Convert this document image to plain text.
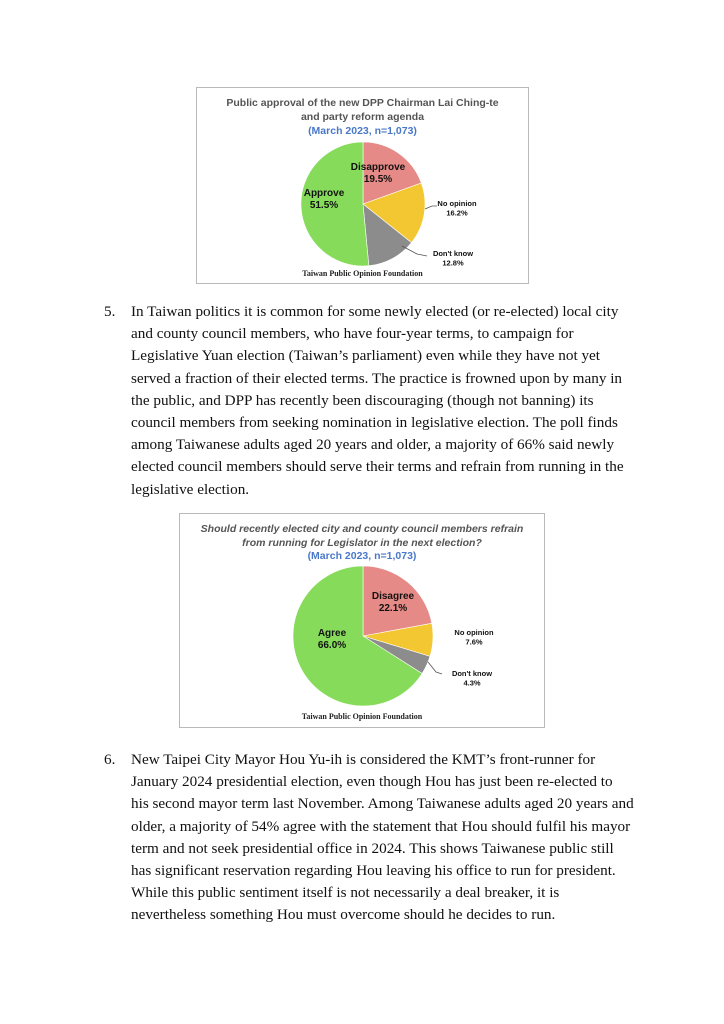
Public approval of the new DPP Chairman Lai Ching-te
and party reform agenda
(March 2023, n=1,073)
Disapprove
19.5%
No opinion
16.2%
Don't know
12.8%
Approve
51.5%
Taiwan Public Opinion Foundation
5. In Taiwan politics it is common for some newly elected (or re-elected) local city
and county council members, who have four-year terms, to campaign for
Legislative Yuan election (Taiwan’s parliament) even while they have not yet
served a fraction of their elected terms. The practice is frowned upon by many in
the public, and DPP has recently been discouraging (though not banning) its
council members from seeking nomination in legislative election. The poll finds
among Taiwanese adults aged 20 years and older, a majority of 66% said newly
elected council members should serve their terms and refrain from running in the
legislative election.
Should recently elected city and county council members refrain
from running for Legislator in the next election?
(March 2023, n=1,073)
Disagree
22.1%
No opinion
7.6%
Don't know
4.3%
Agree
66.0%
Taiwan Public Opinion Foundation
6. New Taipei City Mayor Hou Yu-ih is considered the KMT’s front-runner for
January 2024 presidential election, even though Hou has just been re-elected to
his second mayor term last November. Among Taiwanese adults aged 20 years and
older, a majority of 54% agree with the statement that Hou should fulfil his mayor
term and not seek presidential office in 2024. This shows Taiwanese public still
has significant reservation regarding Hou leaving his office to run for president.
While this public sentiment itself is not necessarily a deal breaker, it is
nevertheless something Hou must overcome should he decides to run.
